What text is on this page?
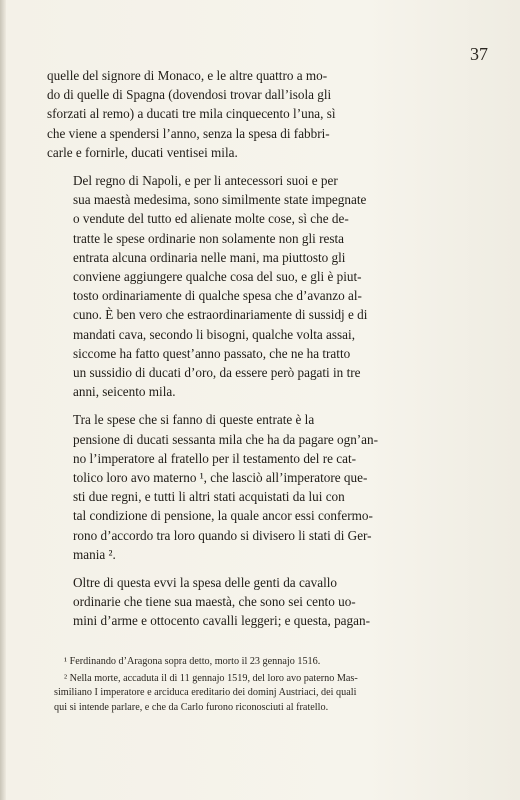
37

quelle del signore di Monaco, e le altre quattro a mo-
do di quelle di Spagna (dovendosi trovar dall’isola gli
sforzati al remo) a ducati tre mila cinquecento l’una, sì
che viene a spendersi l’anno, senza la spesa di fabbri-
carle e fornirle, ducati ventisei mila.

Del regno di Napoli, e per li antecessori suoi e per
sua maestà medesima, sono similmente state impegnate
o vendute del tutto ed alienate molte cose, sì che de-
tratte le spese ordinarie non solamente non gli resta
entrata alcuna ordinaria nelle mani, ma piuttosto gli
conviene aggiungere qualche cosa del suo, e gli è piut-
tosto ordinariamente di qualche spesa che d’avanzo al-
cuno. È ben vero che estraordinariamente di sussidj e di
mandati cava, secondo li bisogni, qualche volta assai,
siccome ha fatto quest’anno passato, che ne ha tratto
un sussidio di ducati d’oro, da essere però pagati in tre
anni, seicento mila.

Tra le spese che si fanno di queste entrate è la
pensione di ducati sessanta mila che ha da pagare ogn’an-
no l’imperatore al fratello per il testamento del re cat-
tolico loro avo materno ¹, che lasciò all’imperatore que-
sti due regni, e tutti li altri stati acquistati da lui con
tal condizione di pensione, la quale ancor essi confermo-
rono d’accordo tra loro quando si divisero li stati di Ger-
mania ².

Oltre di questa evvi la spesa delle genti da cavallo
ordinarie che tiene sua maestà, che sono sei cento uo-
mini d’arme e ottocento cavalli leggeri; e questa, pagan-

¹ Ferdinando d’Aragona sopra detto, morto il 23 gennajo 1516.

² Nella morte, accaduta il dì 11 gennajo 1519, del loro avo paterno Mas-
similiano I imperatore e arciduca ereditario dei dominj Austriaci, dei quali
qui si intende parlare, e che da Carlo furono riconosciuti al fratello.
